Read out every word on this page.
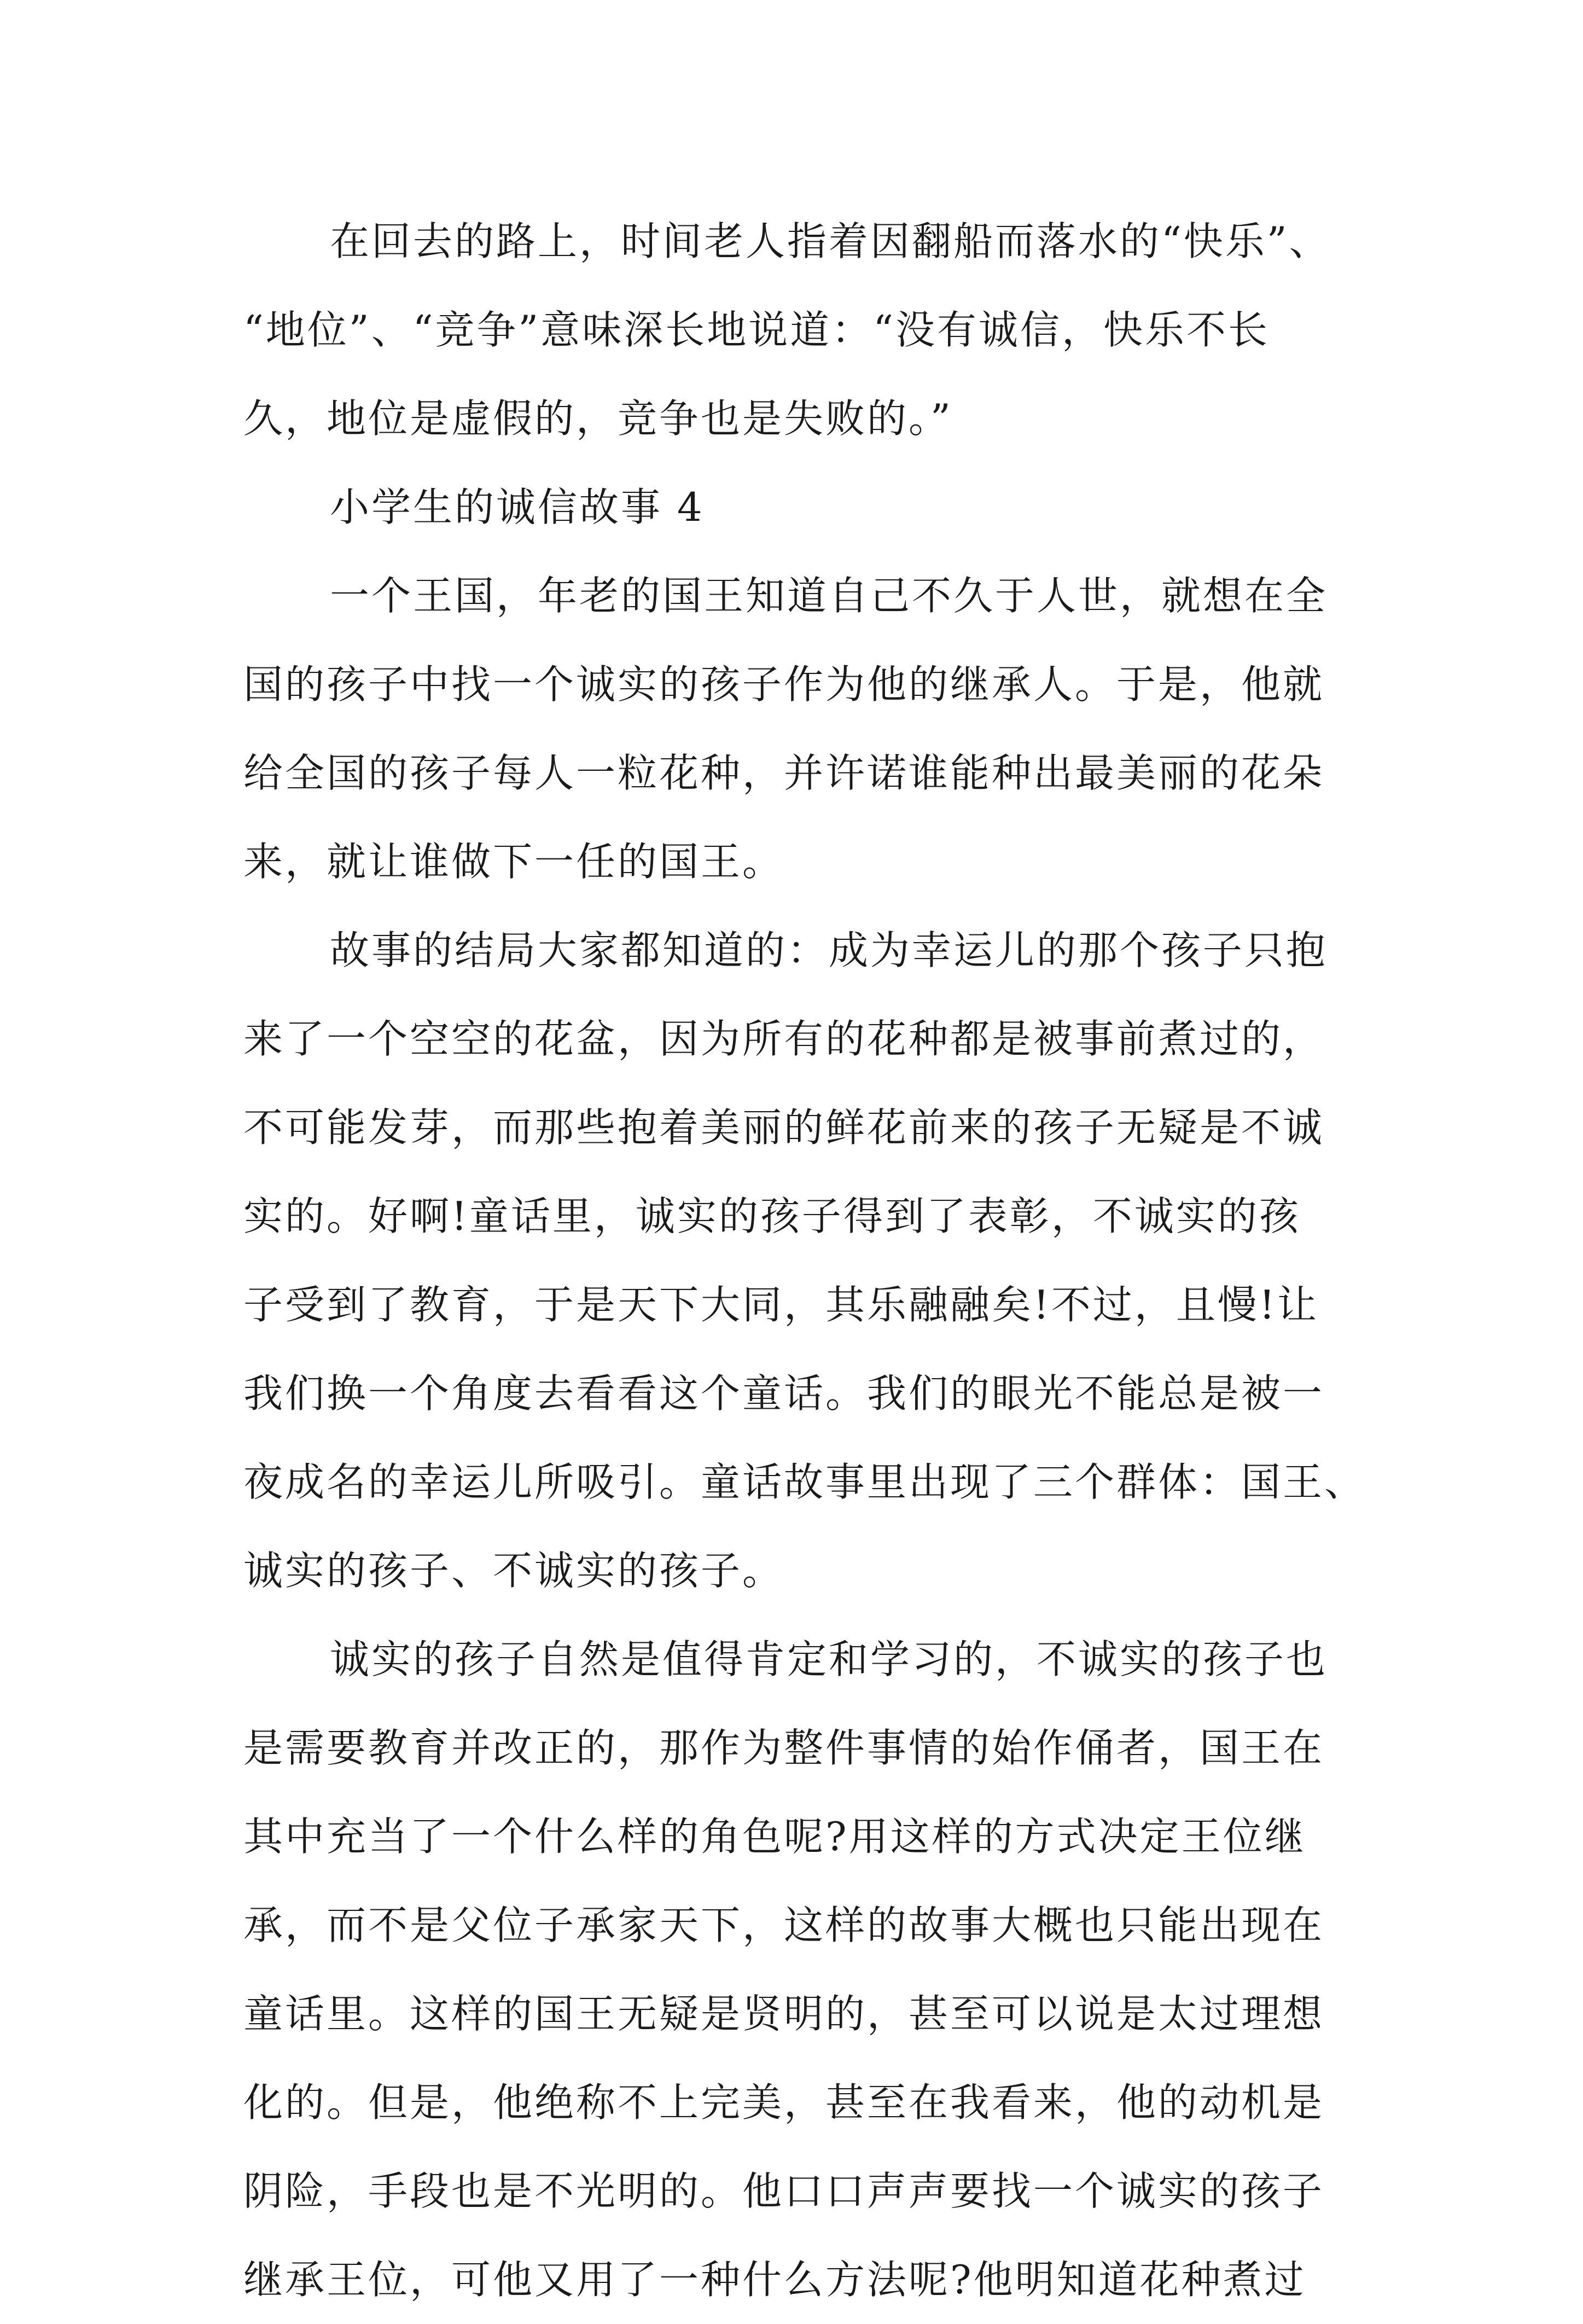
在回去的路上，时间老人指着因翻船而落水的“快乐”、
“地位”、“竞争”意味深长地说道：“没有诚信，快乐不长
久，地位是虚假的，竞争也是失败的。”
小学生的诚信故事 4
一个王国，年老的国王知道自己不久于人世，就想在全
国的孩子中找一个诚实的孩子作为他的继承人。于是，他就
给全国的孩子每人一粒花种，并许诺谁能种出最美丽的花朵
来，就让谁做下一任的国王。
故事的结局大家都知道的：成为幸运儿的那个孩子只抱
来了一个空空的花盆，因为所有的花种都是被事前煮过的，
不可能发芽，而那些抱着美丽的鲜花前来的孩子无疑是不诚
实的。好啊!童话里，诚实的孩子得到了表彰，不诚实的孩
子受到了教育，于是天下大同，其乐融融矣!不过，且慢!让
我们换一个角度去看看这个童话。我们的眼光不能总是被一
夜成名的幸运儿所吸引。童话故事里出现了三个群体：国王、
诚实的孩子、不诚实的孩子。
诚实的孩子自然是值得肯定和学习的，不诚实的孩子也
是需要教育并改正的，那作为整件事情的始作俑者，国王在
其中充当了一个什么样的角色呢?用这样的方式决定王位继
承，而不是父位子承家天下，这样的故事大概也只能出现在
童话里。这样的国王无疑是贤明的，甚至可以说是太过理想
化的。但是，他绝称不上完美，甚至在我看来，他的动机是
阴险，手段也是不光明的。他口口声声要找一个诚实的孩子
继承王位，可他又用了一种什么方法呢?他明知道花种煮过
